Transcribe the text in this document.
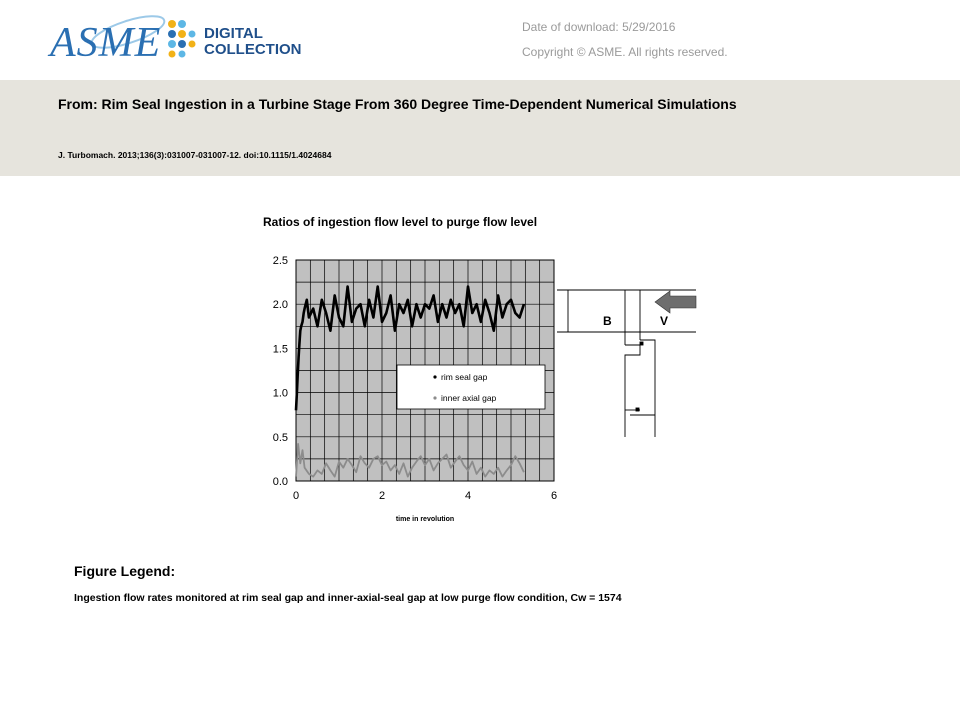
ASME	DIGITAL
COLLECTION
Date of download: 5/29/2016
Copyright © ASME. All rights reserved.
From: Rim Seal Ingestion in a Turbine Stage From 360 Degree Time-Dependent Numerical Simulations
J. Turbomach. 2013;136(3):031007-031007-12. doi:10.1115/1.4024684
Ratios of ingestion flow level to purge flow level
0.0
0.5
1.0
1.5
2.0
2.5
0	2	4	6
time in revolution
rim seal gap
inner axial gap
B	V
Figure Legend:
Ingestion flow rates monitored at rim seal gap and inner-axial-seal gap at low purge flow condition, Cw = 1574
